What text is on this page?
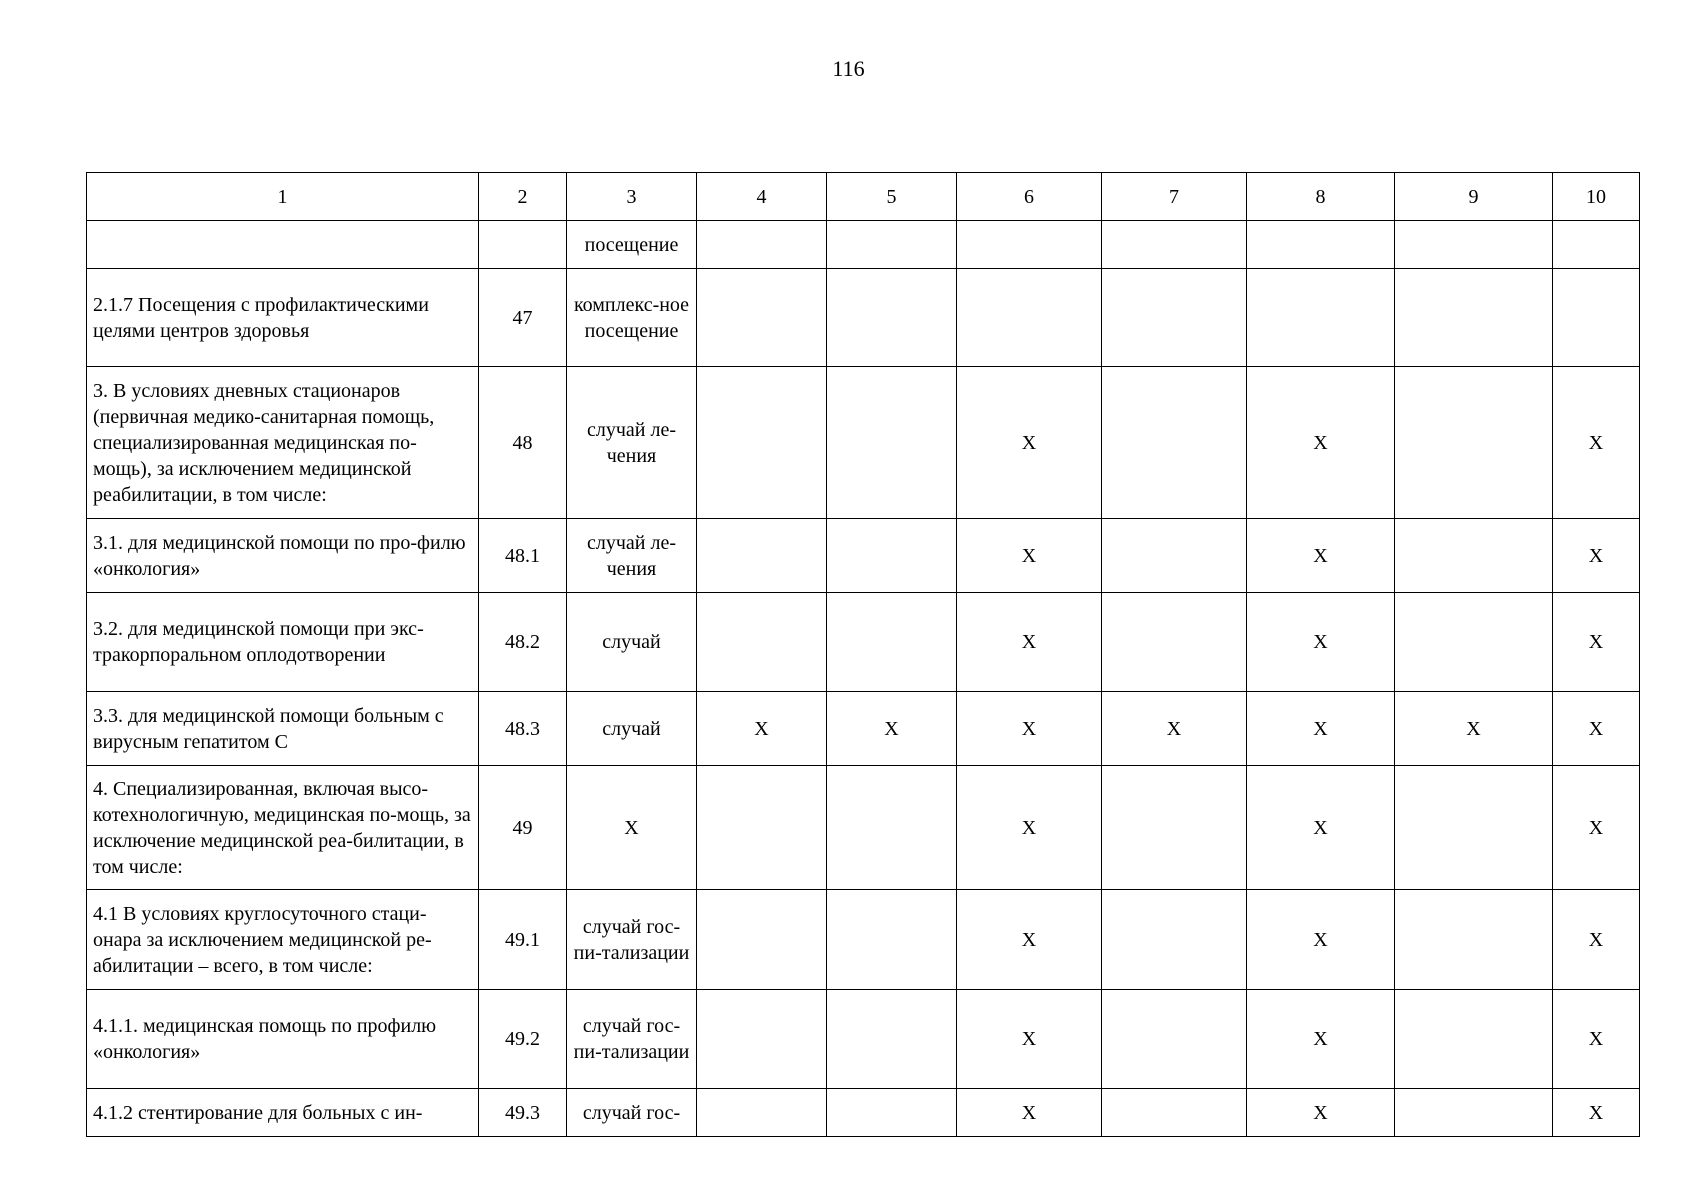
116
1	2	3	4	5	6	7	8	9	10
		посещение							
2.1.7 Посещения с профилактическими целями центров здоровья	47	комплекс-ное посещение							
3. В условиях дневных стационаров (первичная медико-санитарная помощь, специализированная медицинская по-мощь), за исключением медицинской реабилитации, в том числе:	48	случай ле-чения			X		X		X
3.1. для медицинской помощи по про-филю «онкология»	48.1	случай ле-чения			X		X		X
3.2. для медицинской помощи при экс-тракорпоральном оплодотворении	48.2	случай			X		X		X
3.3. для медицинской помощи больным с вирусным гепатитом С	48.3	случай	X	X	X	X	X	X	X
4. Специализированная, включая высо-котехнологичную, медицинская по-мощь, за исключение медицинской реа-билитации, в том числе:	49	X			X		X		X
4.1 В условиях круглосуточного стаци-онара за исключением медицинской ре-абилитации – всего, в том числе:	49.1	случай гос-пи-тализации			X		X		X
4.1.1. медицинская помощь по профилю «онкология»	49.2	случай гос-пи-тализации			X		X		X
4.1.2 стентирование для больных с ин-	49.3	случай гос-			X		X		X
